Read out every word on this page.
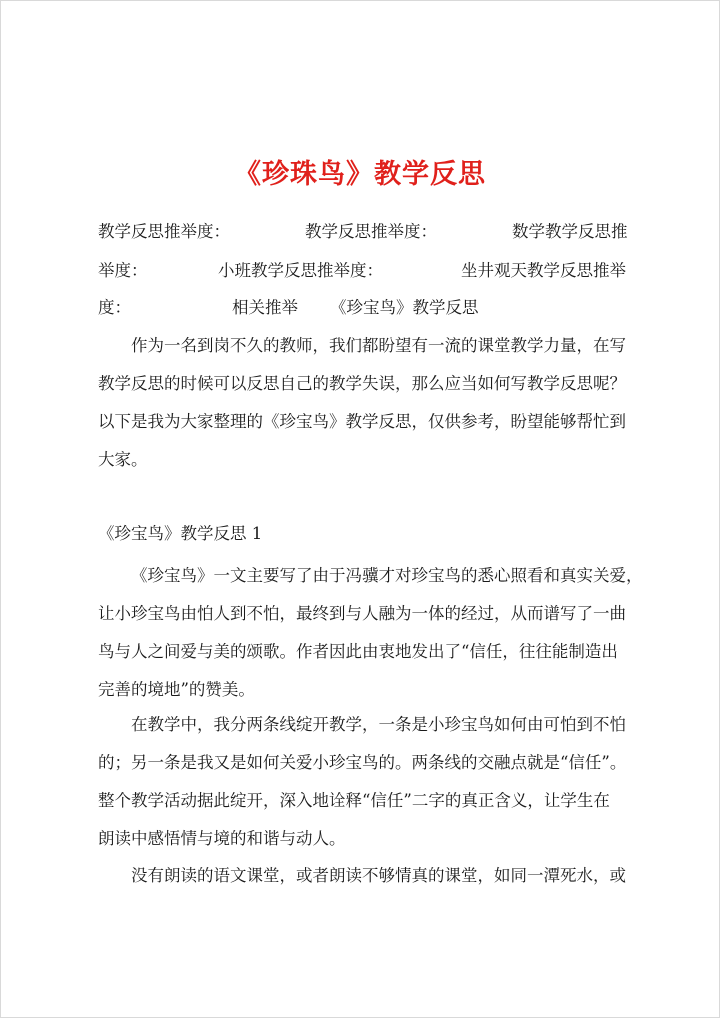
《珍珠鸟》教学反思
教学反思推举度：	教学反思推举度：	数学教学反思推
举度：	小班教学反思推举度：	坐井观天教学反思推举
度：	相关推举 《珍宝鸟》教学反思
作为一名到岗不久的教师，我们都盼望有一流的课堂教学力量，在写
教学反思的时候可以反思自己的教学失误，那么应当如何写教学反思呢？
以下是我为大家整理的《珍宝鸟》教学反思，仅供参考，盼望能够帮忙到
大家。
《珍宝鸟》教学反思 1
《珍宝鸟》一文主要写了由于冯骥才对珍宝鸟的悉心照看和真实关爱，
让小珍宝鸟由怕人到不怕，最终到与人融为一体的经过，从而谱写了一曲
鸟与人之间爱与美的颂歌。作者因此由衷地发出了“信任，往往能制造出
完善的境地”的赞美。
在教学中，我分两条线绽开教学，一条是小珍宝鸟如何由可怕到不怕
的；另一条是我又是如何关爱小珍宝鸟的。两条线的交融点就是“信任”。
整个教学活动据此绽开，深入地诠释“信任”二字的真正含义，让学生在
朗读中感悟情与境的和谐与动人。
没有朗读的语文课堂，或者朗读不够情真的课堂，如同一潭死水，或
